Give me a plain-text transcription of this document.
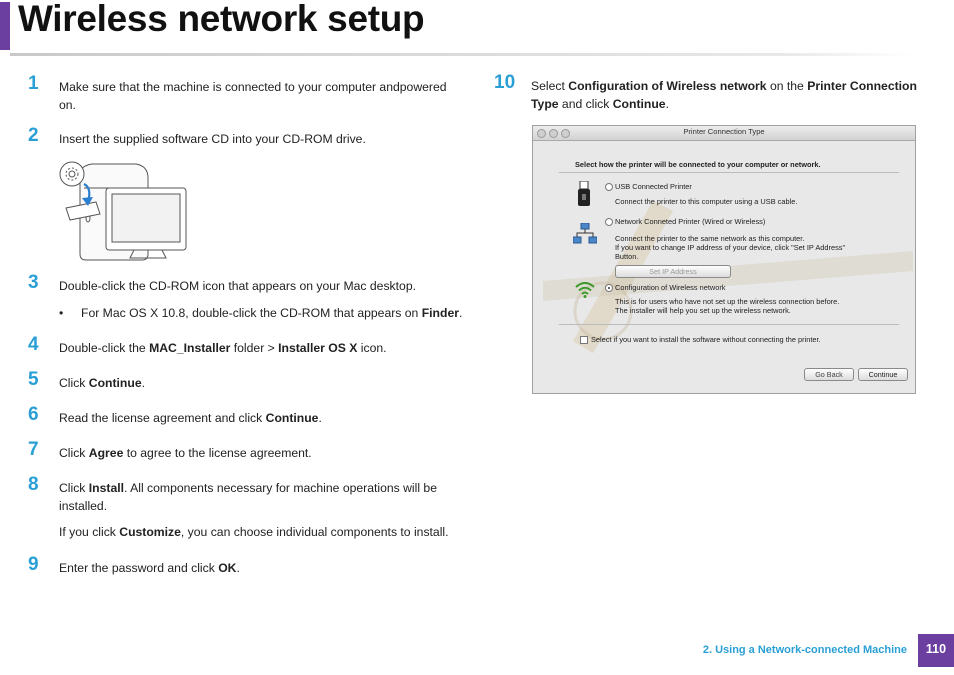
Wireless network setup
1	Make sure that the machine is connected to your computer andpowered
on.
2	Insert the supplied software CD into your CD-ROM drive.
3	Double-click the CD-ROM icon that appears on your Mac desktop.
• For Mac OS X 10.8, double-click the CD-ROM that appears on Finder.
4	Double-click the MAC_Installer folder > Installer OS X icon.
5	Click Continue.
6	Read the license agreement and click Continue.
7	Click Agree to agree to the license agreement.
8	Click Install. All components necessary for machine operations will be
installed.
If you click Customize, you can choose individual components to install.
9	Enter the password and click OK.
10	Select Configuration of Wireless network on the Printer Connection
Type and click Continue.
Printer Connection Type
Select how the printer will be connected to your computer or network.
USB Connected Printer
Connect the printer to this computer using a USB cable.
Network Conneted Printer (Wired or Wireless)
Connect the printer to the same network as this computer.
If you want to change IP address of your device, click "Set IP Address"
Button.
Set IP Address
Configuration of Wireless network
This is for users who have not set up the wireless connection before.
The installer will help you set up the wireless network.
Select if you want to install the software without connecting the printer.
Go Back	Continue
2. Using a Network-connected Machine	110
